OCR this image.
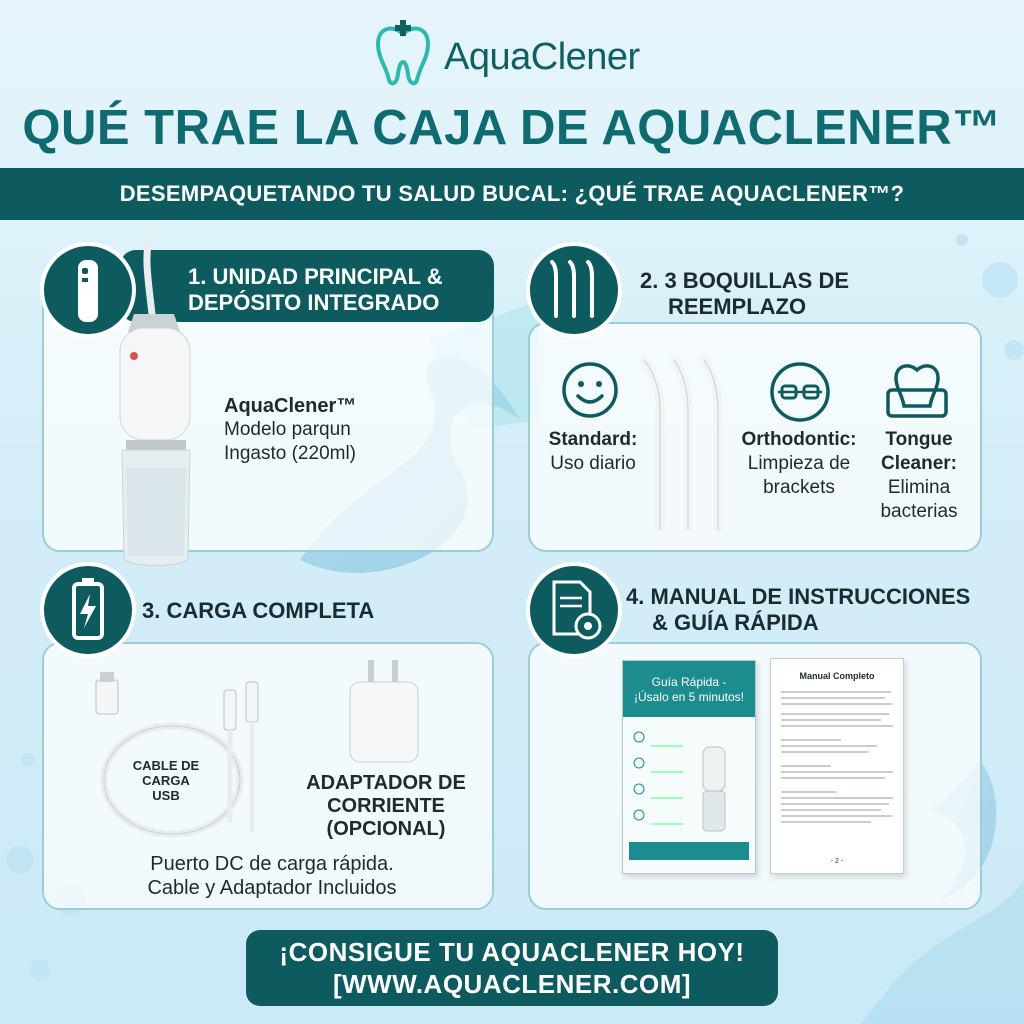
AquaClener
QUÉ TRAE LA CAJA DE AQUACLENER™
DESEMPAQUETANDO TU SALUD BUCAL: ¿QUÉ TRAE AQUACLENER™?
1. UNIDAD PRINCIPAL &
DEPÓSITO INTEGRADO
AquaClener™
Modelo parqun
Ingasto (220ml)
2. 3 BOQUILLAS DE
REEMPLAZO
Standard:
Uso diario
Orthodontic:
Limpieza de
brackets
Tongue
Cleaner:
Elimina
bacterias
3. CARGA COMPLETA
CABLE DE
CARGA
USB
ADAPTADOR DE
CORRIENTE
(OPCIONAL)
Puerto DC de carga rápida.
Cable y Adaptador Incluidos
4. MANUAL DE INSTRUCCIONES
& GUÍA RÁPIDA
Guía Rápida -
¡Úsalo en 5 minutos!
Manual Completo
- 2 -
¡CONSIGUE TU AQUACLENER HOY!
[WWW.AQUACLENER.COM]
